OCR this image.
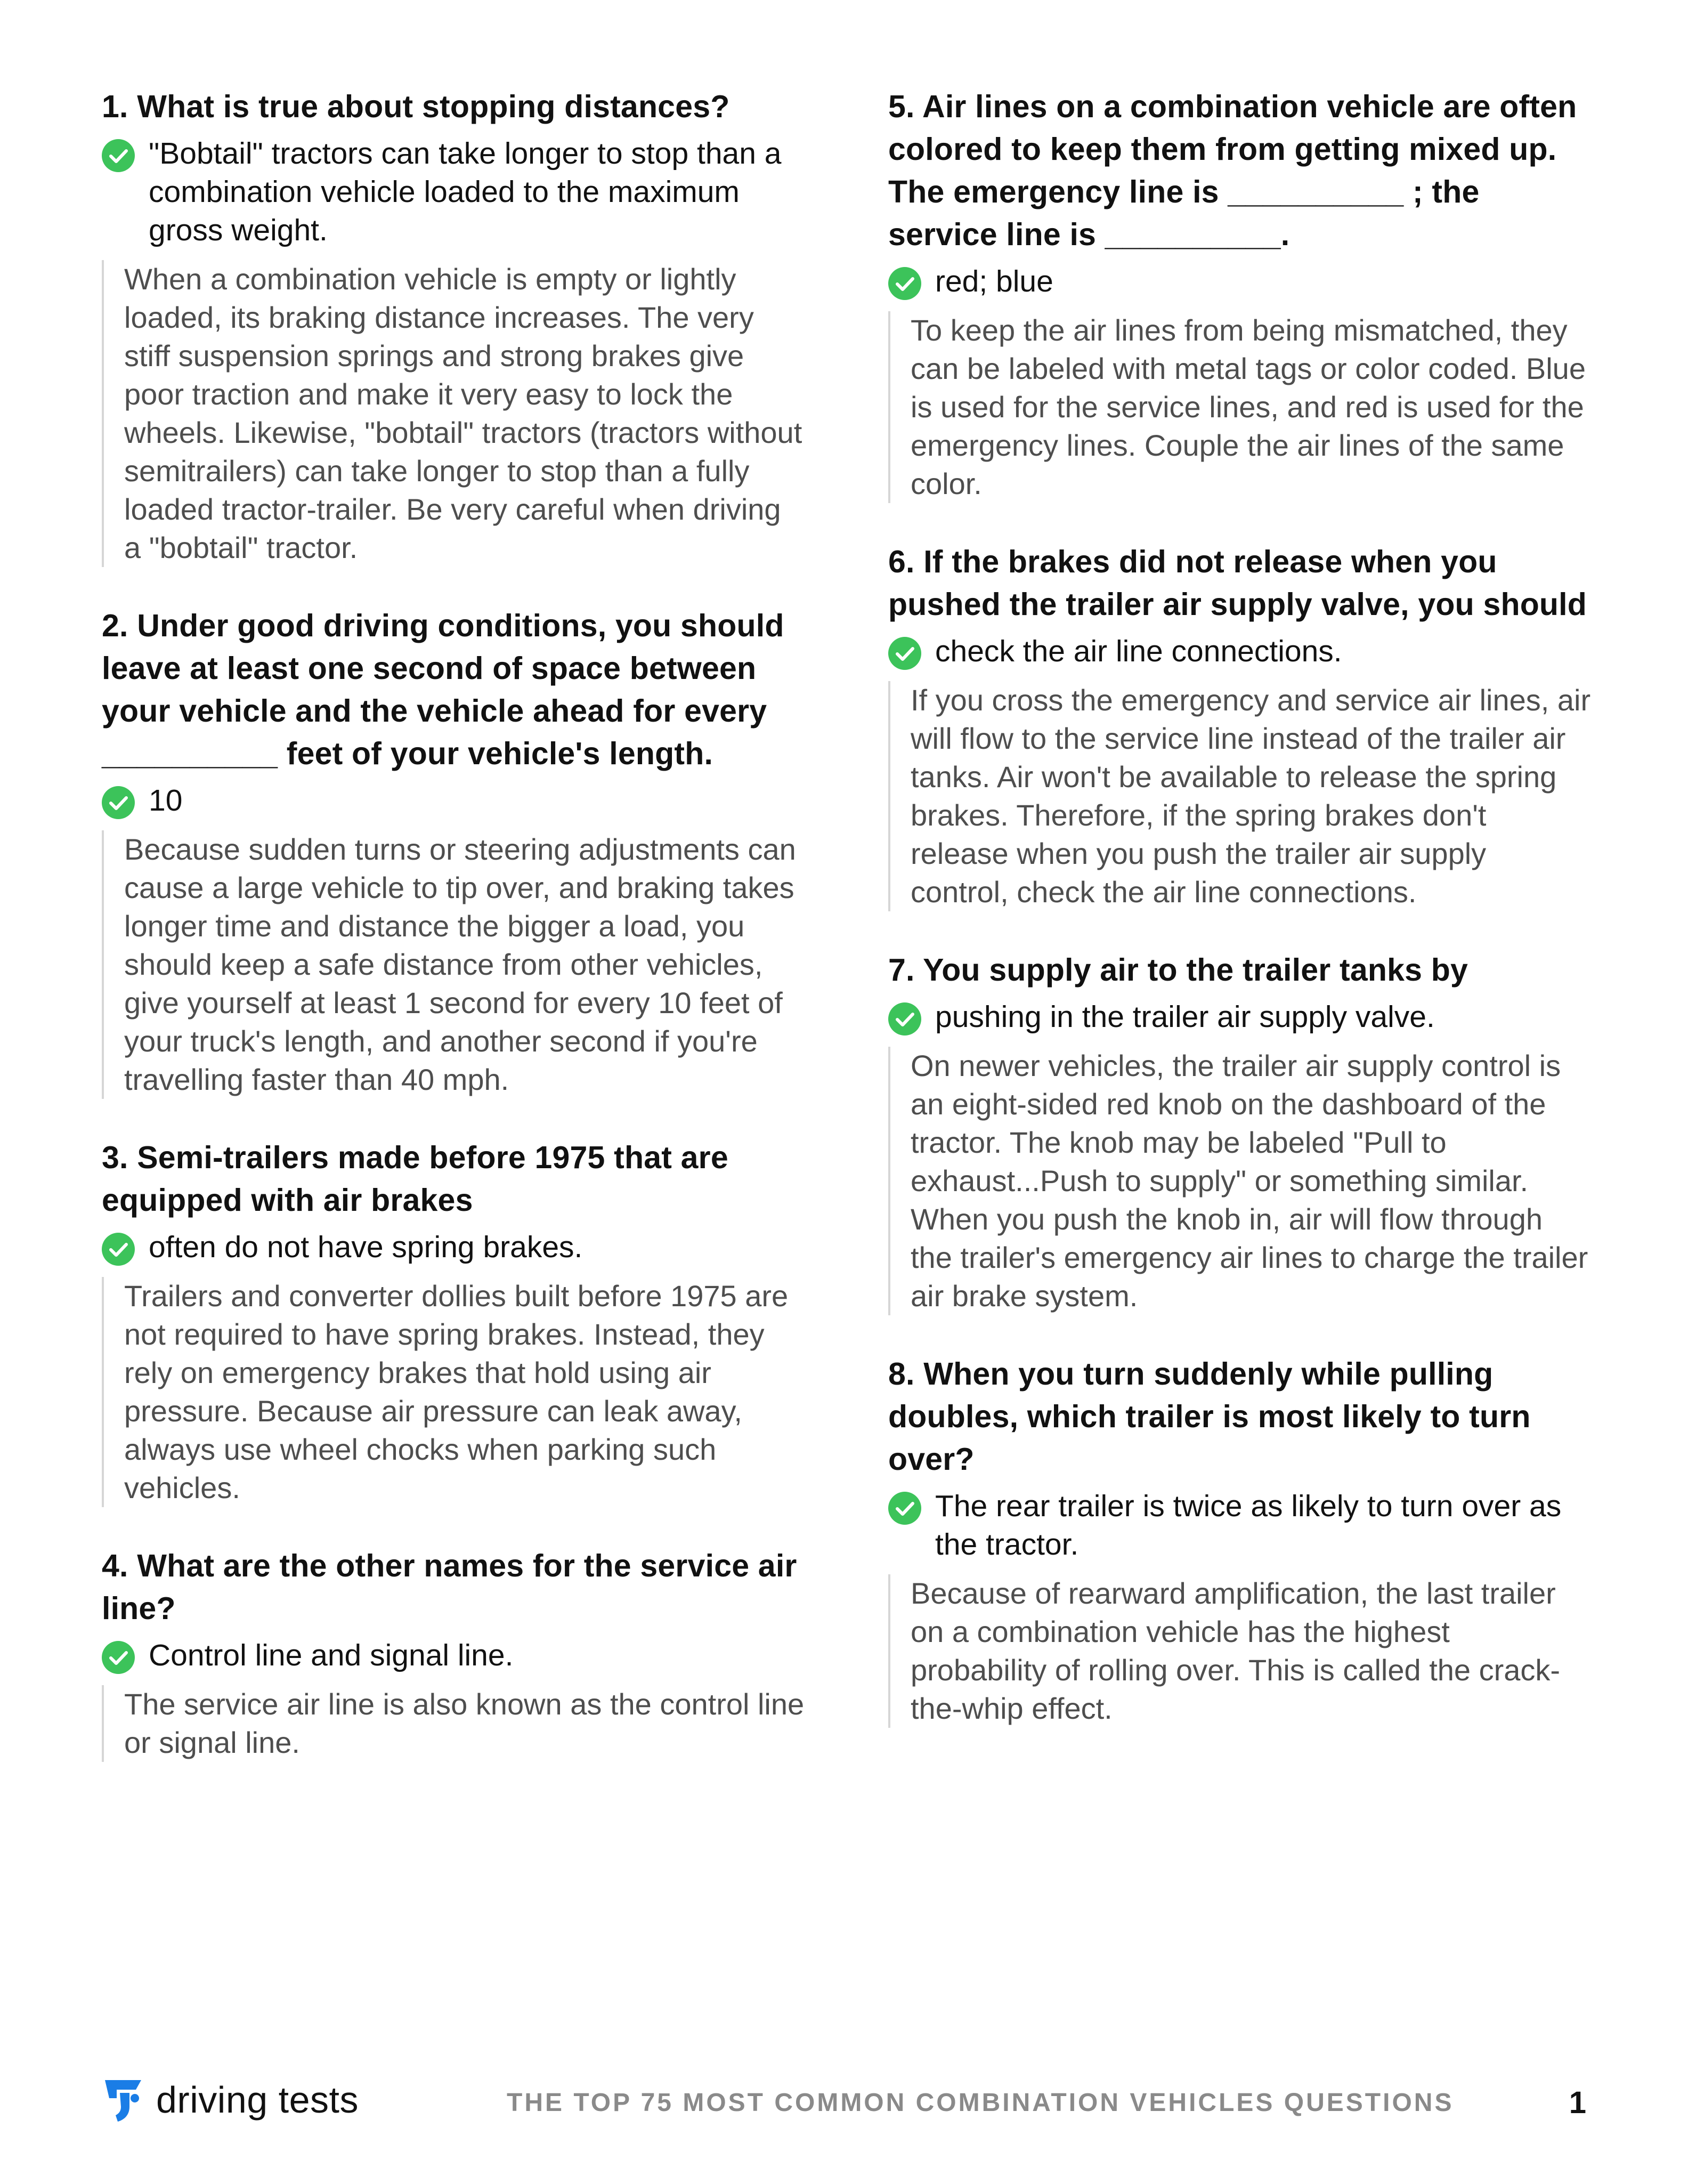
1. What is true about stopping distances?
"Bobtail" tractors can take longer to stop than a combination vehicle loaded to the maximum gross weight.
When a combination vehicle is empty or lightly loaded, its braking distance increases. The very stiff suspension springs and strong brakes give poor traction and make it very easy to lock the wheels. Likewise, "bobtail" tractors (tractors without semitrailers) can take longer to stop than a fully loaded tractor-trailer. Be very careful when driving a "bobtail" tractor.
2. Under good driving conditions, you should leave at least one second of space between your vehicle and the vehicle ahead for every __________ feet of your vehicle's length.
10
Because sudden turns or steering adjustments can cause a large vehicle to tip over, and braking takes longer time and distance the bigger a load, you should keep a safe distance from other vehicles, give yourself at least 1 second for every 10 feet of your truck's length, and another second if you're travelling faster than 40 mph.
3. Semi-trailers made before 1975 that are equipped with air brakes
often do not have spring brakes.
Trailers and converter dollies built before 1975 are not required to have spring brakes. Instead, they rely on emergency brakes that hold using air pressure. Because air pressure can leak away, always use wheel chocks when parking such vehicles.
4. What are the other names for the service air line?
Control line and signal line.
The service air line is also known as the control line or signal line.
5. Air lines on a combination vehicle are often colored to keep them from getting mixed up. The emergency line is __________ ; the service line is __________.
red; blue
To keep the air lines from being mismatched, they can be labeled with metal tags or color coded. Blue is used for the service lines, and red is used for the emergency lines. Couple the air lines of the same color.
6. If the brakes did not release when you pushed the trailer air supply valve, you should
check the air line connections.
If you cross the emergency and service air lines, air will flow to the service line instead of the trailer air tanks. Air won't be available to release the spring brakes. Therefore, if the spring brakes don't release when you push the trailer air supply control, check the air line connections.
7. You supply air to the trailer tanks by
pushing in the trailer air supply valve.
On newer vehicles, the trailer air supply control is an eight-sided red knob on the dashboard of the tractor. The knob may be labeled "Pull to exhaust...Push to supply" or something similar. When you push the knob in, air will flow through the trailer's emergency air lines to charge the trailer air brake system.
8. When you turn suddenly while pulling doubles, which trailer is most likely to turn over?
The rear trailer is twice as likely to turn over as the tractor.
Because of rearward amplification, the last trailer on a combination vehicle has the highest probability of rolling over. This is called the crack-the-whip effect.
driving tests	THE TOP 75 MOST COMMON COMBINATION VEHICLES QUESTIONS	1
